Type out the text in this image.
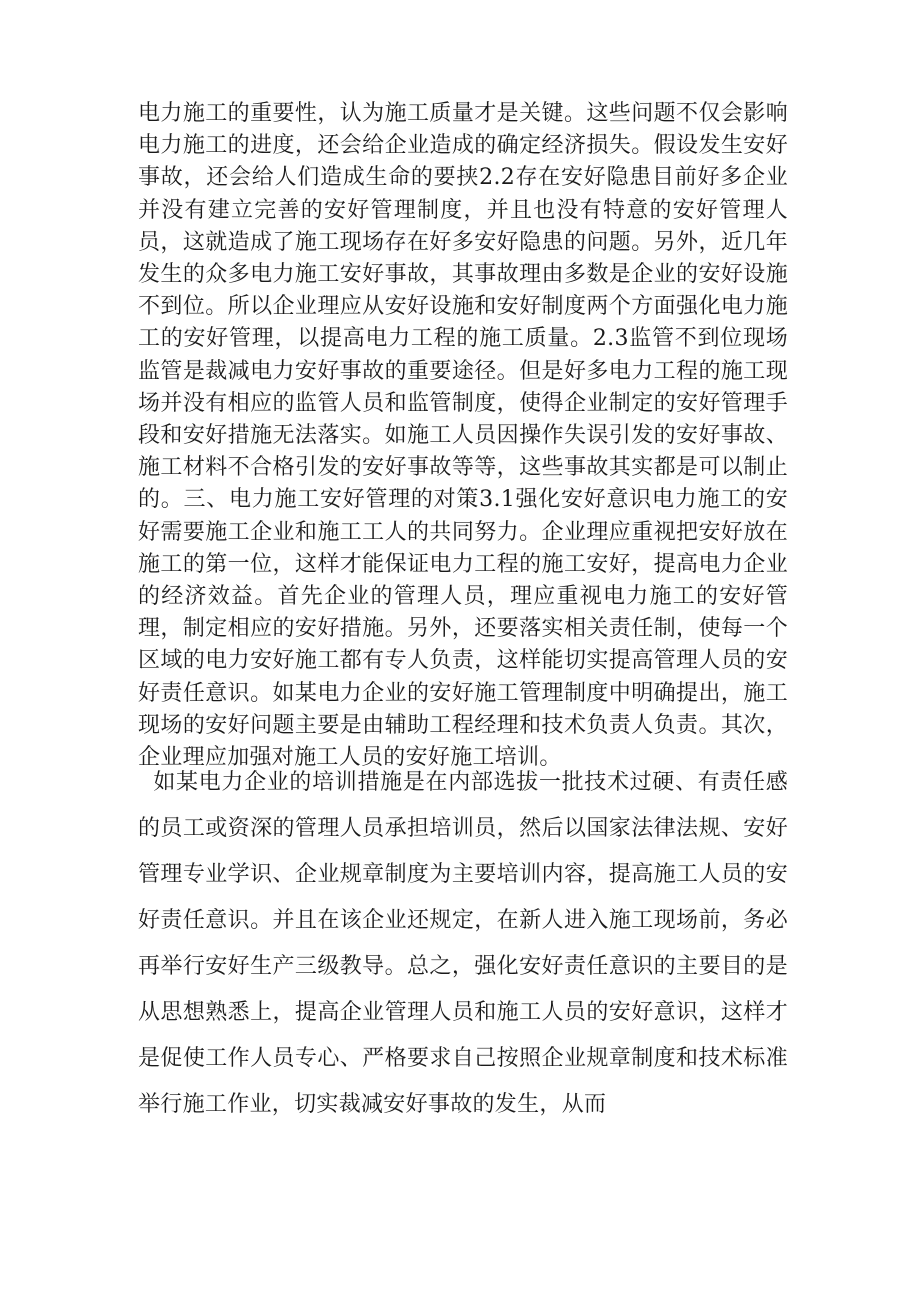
电力施工的重要性，认为施工质量才是关键。这些问题不仅会影响电力施工的进度，还会给企业造成的确定经济损失。假设发生安好事故，还会给人们造成生命的要挟2.2存在安好隐患目前好多企业并没有建立完善的安好管理制度，并且也没有特意的安好管理人员，这就造成了施工现场存在好多安好隐患的问题。另外，近几年发生的众多电力施工安好事故，其事故理由多数是企业的安好设施不到位。所以企业理应从安好设施和安好制度两个方面强化电力施工的安好管理，以提高电力工程的施工质量。2.3监管不到位现场监管是裁减电力安好事故的重要途径。但是好多电力工程的施工现场并没有相应的监管人员和监管制度，使得企业制定的安好管理手段和安好措施无法落实。如施工人员因操作失误引发的安好事故、施工材料不合格引发的安好事故等等，这些事故其实都是可以制止的。三、电力施工安好管理的对策3.1强化安好意识电力施工的安好需要施工企业和施工工人的共同努力。企业理应重视把安好放在施工的第一位，这样才能保证电力工程的施工安好，提高电力企业的经济效益。首先企业的管理人员，理应重视电力施工的安好管理，制定相应的安好措施。另外，还要落实相关责任制，使每一个区域的电力安好施工都有专人负责，这样能切实提高管理人员的安好责任意识。如某电力企业的安好施工管理制度中明确提出，施工现场的安好问题主要是由辅助工程经理和技术负责人负责。其次，企业理应加强对施工人员的安好施工培训。

如某电力企业的培训措施是在内部选拔一批技术过硬、有责任感的员工或资深的管理人员承担培训员，然后以国家法律法规、安好管理专业学识、企业规章制度为主要培训内容，提高施工人员的安好责任意识。并且在该企业还规定，在新人进入施工现场前，务必再举行安好生产三级教导。总之，强化安好责任意识的主要目的是从思想熟悉上，提高企业管理人员和施工人员的安好意识，这样才是促使工作人员专心、严格要求自己按照企业规章制度和技术标准举行施工作业，切实裁减安好事故的发生，从而
